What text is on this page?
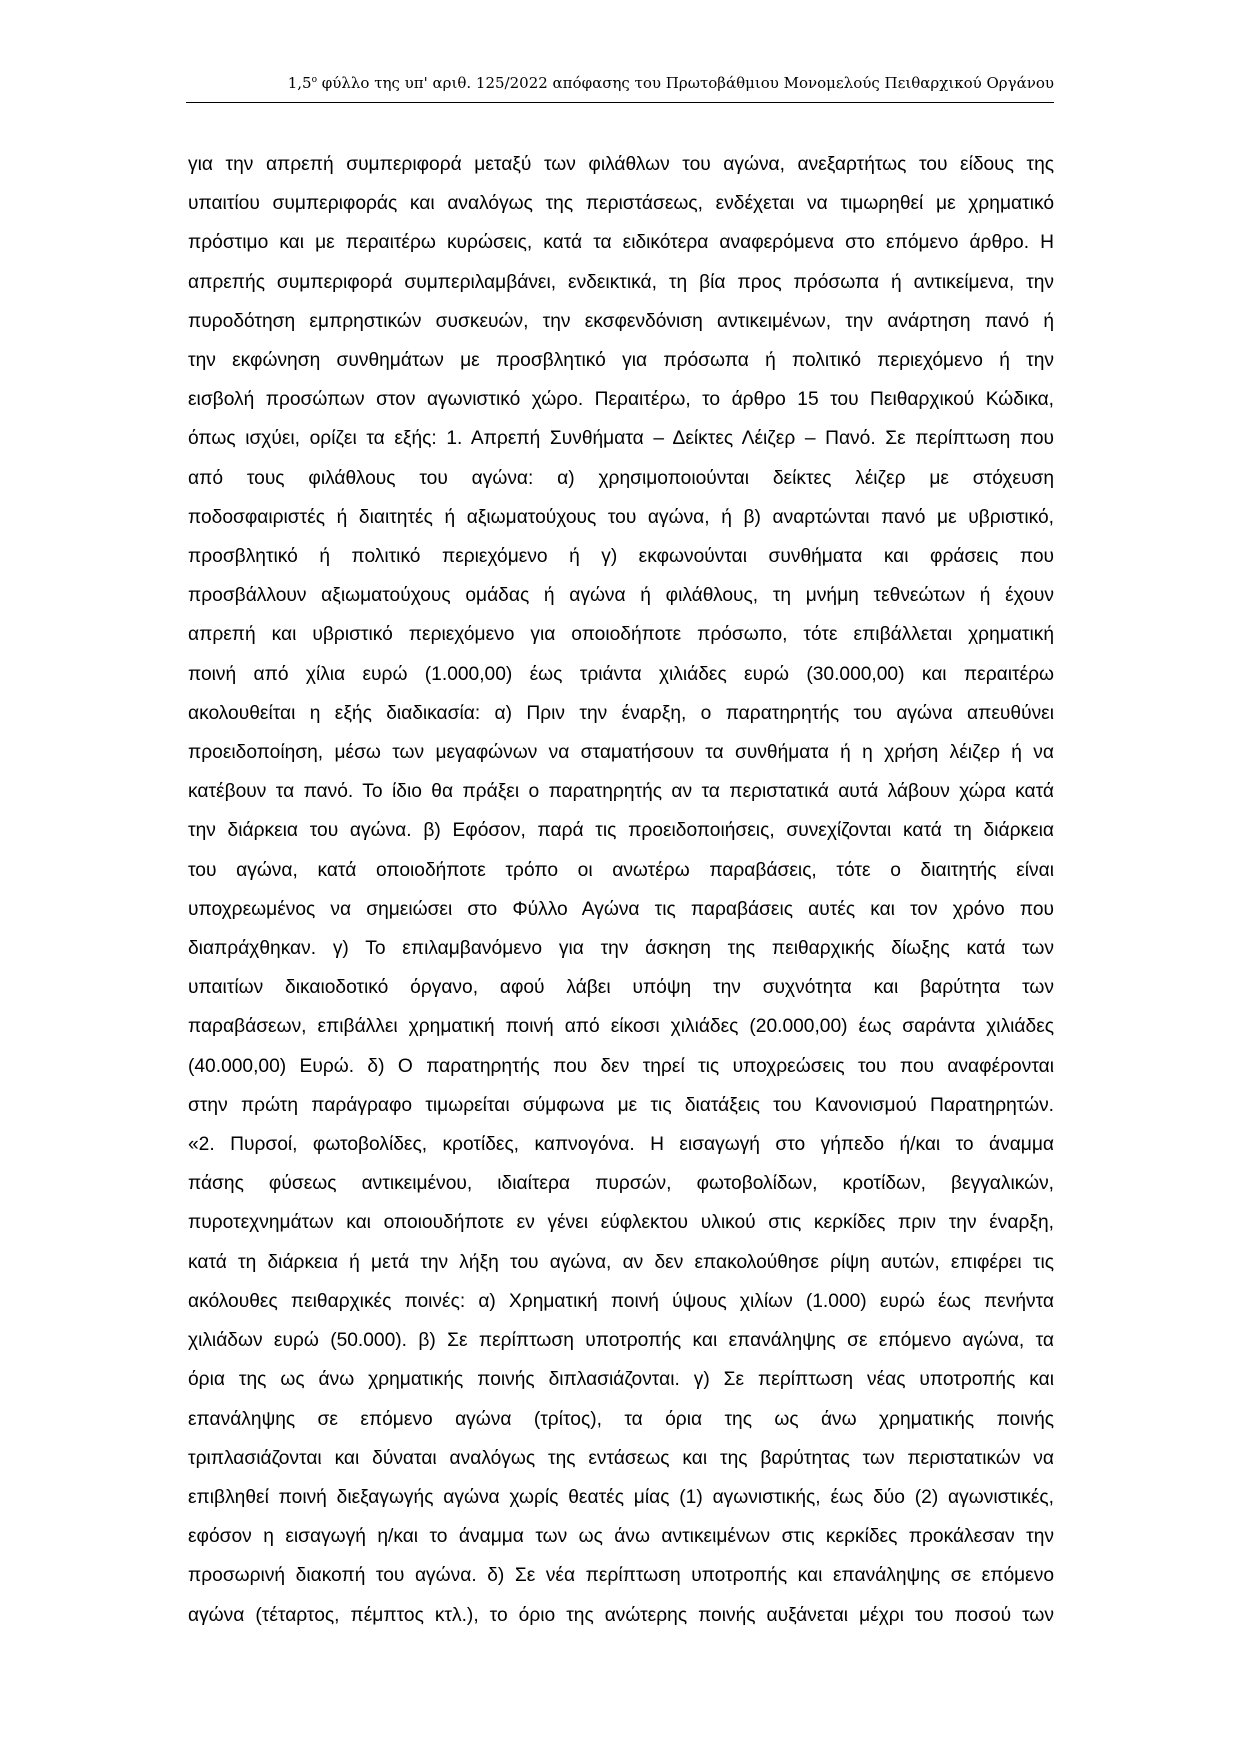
$1,5^o$ φύλλο της υπ' αριθ. 125/2022 απόφασης του Πρωτοβάθμιου Μονομελούς Πειθαρχικού Οργάνου
για την απρεπή συμπεριφορά μεταξύ των φιλάθλων του αγώνα, ανεξαρτήτως του είδους της
υπαιτίου συμπεριφοράς και αναλόγως της περιστάσεως, ενδέχεται να τιμωρηθεί με χρηματικό
πρόστιμο και με περαιτέρω κυρώσεις, κατά τα ειδικότερα αναφερόμενα στο επόμενο άρθρο. Η
απρεπής συμπεριφορά συμπεριλαμβάνει, ενδεικτικά, τη βία προς πρόσωπα ή αντικείμενα, την
πυροδότηση εμπρηστικών συσκευών, την εκσφενδόνιση αντικειμένων, την ανάρτηση πανό ή
την εκφώνηση συνθημάτων με προσβλητικό για πρόσωπα ή πολιτικό περιεχόμενο ή την
εισβολή προσώπων στον αγωνιστικό χώρο. Περαιτέρω, το άρθρο 15 του Πειθαρχικού Κώδικα,
όπως ισχύει, ορίζει τα εξής: 1. Απρεπή Συνθήματα – Δείκτες Λέιζερ – Πανό. Σε περίπτωση που
από τους φιλάθλους του αγώνα: α) χρησιμοποιούνται δείκτες λέιζερ με στόχευση
ποδοσφαιριστές ή διαιτητές ή αξιωματούχους του αγώνα, ή β) αναρτώνται πανό με υβριστικό,
προσβλητικό ή πολιτικό περιεχόμενο ή γ) εκφωνούνται συνθήματα και φράσεις που
προσβάλλουν αξιωματούχους ομάδας ή αγώνα ή φιλάθλους, τη μνήμη τεθνεώτων ή έχουν
απρεπή και υβριστικό περιεχόμενο για οποιοδήποτε πρόσωπο, τότε επιβάλλεται χρηματική
ποινή από χίλια ευρώ (1.000,00) έως τριάντα χιλιάδες ευρώ (30.000,00) και περαιτέρω
ακολουθείται η εξής διαδικασία: α) Πριν την έναρξη, ο παρατηρητής του αγώνα απευθύνει
προειδοποίηση, μέσω των μεγαφώνων να σταματήσουν τα συνθήματα ή η χρήση λέιζερ ή να
κατέβουν τα πανό. Το ίδιο θα πράξει ο παρατηρητής αν τα περιστατικά αυτά λάβουν χώρα κατά
την διάρκεια του αγώνα. β) Εφόσον, παρά τις προειδοποιήσεις, συνεχίζονται κατά τη διάρκεια
του αγώνα, κατά οποιοδήποτε τρόπο οι ανωτέρω παραβάσεις, τότε ο διαιτητής είναι
υποχρεωμένος να σημειώσει στο Φύλλο Αγώνα τις παραβάσεις αυτές και τον χρόνο που
διαπράχθηκαν. γ) Το επιλαμβανόμενο για την άσκηση της πειθαρχικής δίωξης κατά των
υπαιτίων δικαιοδοτικό όργανο, αφού λάβει υπόψη την συχνότητα και βαρύτητα των
παραβάσεων, επιβάλλει χρηματική ποινή από είκοσι χιλιάδες (20.000,00) έως σαράντα χιλιάδες
(40.000,00) Ευρώ. δ) Ο παρατηρητής που δεν τηρεί τις υποχρεώσεις του που αναφέρονται
στην πρώτη παράγραφο τιμωρείται σύμφωνα με τις διατάξεις του Κανονισμού Παρατηρητών.
«2. Πυρσοί, φωτοβολίδες, κροτίδες, καπνογόνα. Η εισαγωγή στο γήπεδο ή/και το άναμμα
πάσης φύσεως αντικειμένου, ιδιαίτερα πυρσών, φωτοβολίδων, κροτίδων, βεγγαλικών,
πυροτεχνημάτων και οποιουδήποτε εν γένει εύφλεκτου υλικού στις κερκίδες πριν την έναρξη,
κατά τη διάρκεια ή μετά την λήξη του αγώνα, αν δεν επακολούθησε ρίψη αυτών, επιφέρει τις
ακόλουθες πειθαρχικές ποινές: α) Χρηματική ποινή ύψους χιλίων (1.000) ευρώ έως πενήντα
χιλιάδων ευρώ (50.000). β) Σε περίπτωση υποτροπής και επανάληψης σε επόμενο αγώνα, τα
όρια της ως άνω χρηματικής ποινής διπλασιάζονται. γ) Σε περίπτωση νέας υποτροπής και
επανάληψης σε επόμενο αγώνα (τρίτος), τα όρια της ως άνω χρηματικής ποινής
τριπλασιάζονται και δύναται αναλόγως της εντάσεως και της βαρύτητας των περιστατικών να
επιβληθεί ποινή διεξαγωγής αγώνα χωρίς θεατές μίας (1) αγωνιστικής, έως δύο (2) αγωνιστικές,
εφόσον η εισαγωγή η/και το άναμμα των ως άνω αντικειμένων στις κερκίδες προκάλεσαν την
προσωρινή διακοπή του αγώνα. δ) Σε νέα περίπτωση υποτροπής και επανάληψης σε επόμενο
αγώνα (τέταρτος, πέμπτος κτλ.), το όριο της ανώτερης ποινής αυξάνεται μέχρι του ποσού των
